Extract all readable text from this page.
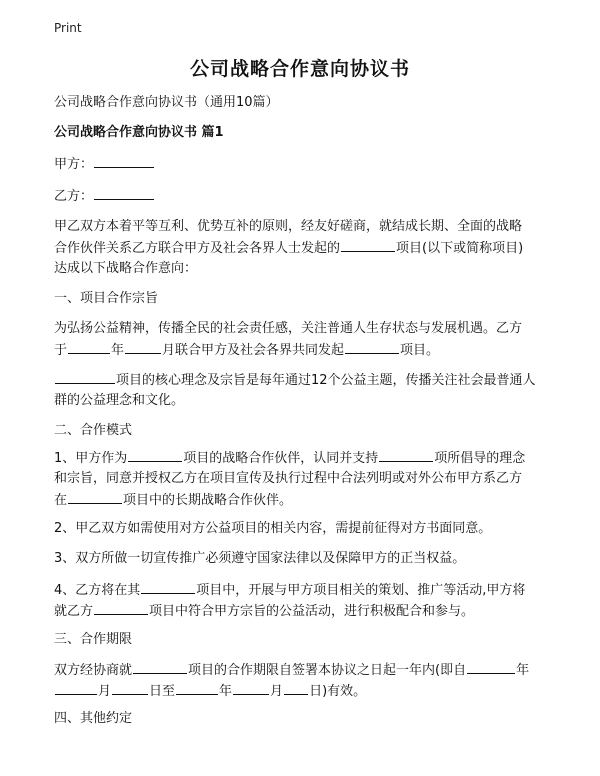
Print
公司战略合作意向协议书
公司战略合作意向协议书（通用10篇）
公司战略合作意向协议书 篇1
甲方：
乙方：
甲乙双方本着平等互利、优势互补的原则，经友好磋商，就结成长期、全面的战略
合作伙伴关系乙方联合甲方及社会各界人士发起的	项目(以下或简称项目)
达成以下战略合作意向：
一、项目合作宗旨
为弘扬公益精神，传播全民的社会责任感，关注普通人生存状态与发展机遇。乙方
于	年	月联合甲方及社会各界共同发起	项目。
项目的核心理念及宗旨是每年通过12个公益主题，传播关注社会最普通人
群的公益理念和文化。
二、合作模式
1、甲方作为	项目的战略合作伙伴，认同并支持	项所倡导的理念
和宗旨，同意并授权乙方在项目宣传及执行过程中合法列明或对外公布甲方系乙方
在	项目中的长期战略合作伙伴。
2、甲乙双方如需使用对方公益项目的相关内容，需提前征得对方书面同意。
3、双方所做一切宣传推广必须遵守国家法律以及保障甲方的正当权益。
4、乙方将在其	项目中，开展与甲方项目相关的策划、推广等活动,甲方将
就乙方	项目中符合甲方宗旨的公益活动，进行积极配合和参与。
三、合作期限
双方经协商就	项目的合作期限自签署本协议之日起一年内(即自	年
月	日至	年	月 日)有效。
四、其他约定
